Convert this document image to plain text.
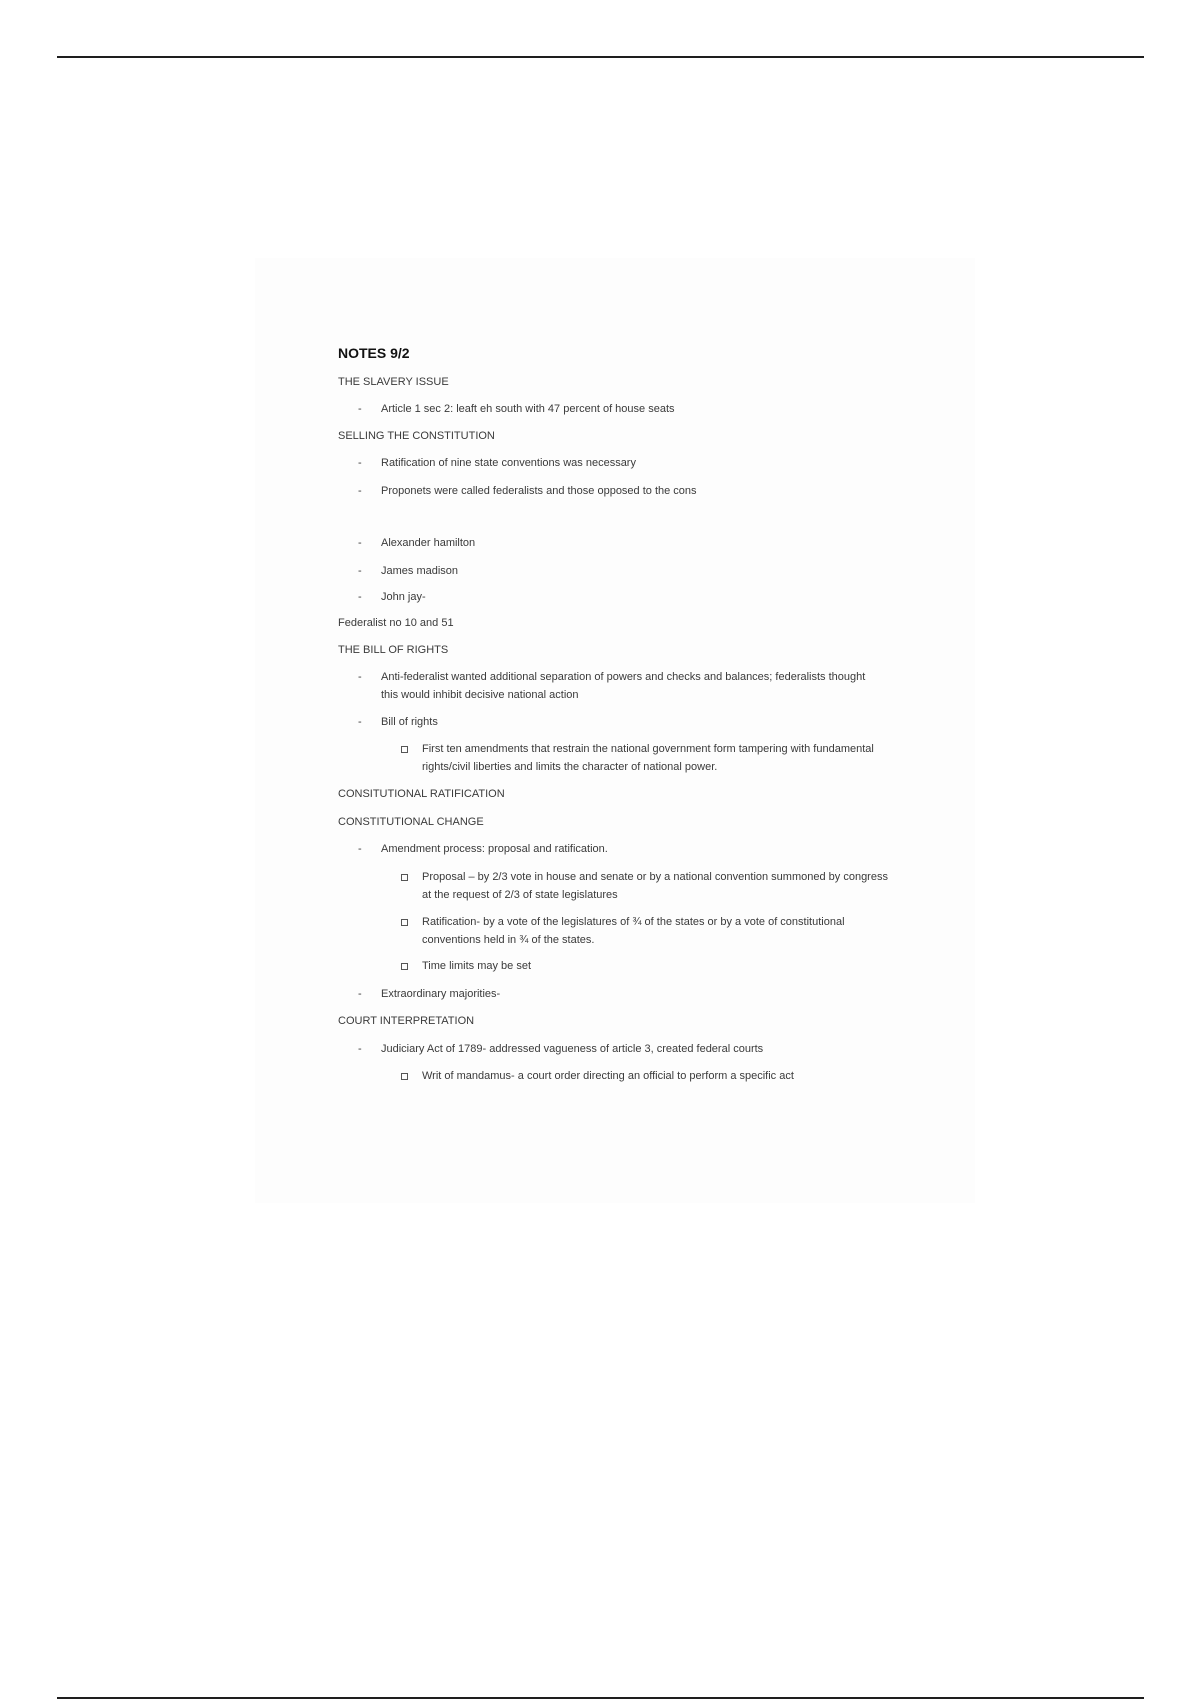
NOTES 9/2
THE SLAVERY ISSUE
-	Article 1 sec 2: leaft eh south with 47 percent of house seats
SELLING THE CONSTITUTION
-	Ratification of nine state conventions was necessary
-	Proponets were called federalists and those opposed to the cons
-	Alexander hamilton
-	James madison
-	John jay-
Federalist no 10 and 51
THE BILL OF RIGHTS
-	Anti-federalist wanted additional separation of powers and checks and balances; federalists thought this would inhibit decisive national action
-	Bill of rights
First ten amendments that restrain the national government form tampering with fundamental rights/civil liberties and limits the character of national power.
CONSITUTIONAL RATIFICATION
CONSTITUTIONAL CHANGE
-	Amendment process: proposal and ratification.
Proposal – by 2/3 vote in house and senate or by a national convention summoned by congress at the request of 2/3 of state legislatures
Ratification- by a vote of the legislatures of ¾ of the states or by a vote of constitutional conventions held in ¾ of the states.
Time limits may be set
-	Extraordinary majorities-
COURT INTERPRETATION
-	Judiciary Act of 1789- addressed vagueness of article 3, created federal courts
Writ of mandamus- a court order directing an official to perform a specific act
